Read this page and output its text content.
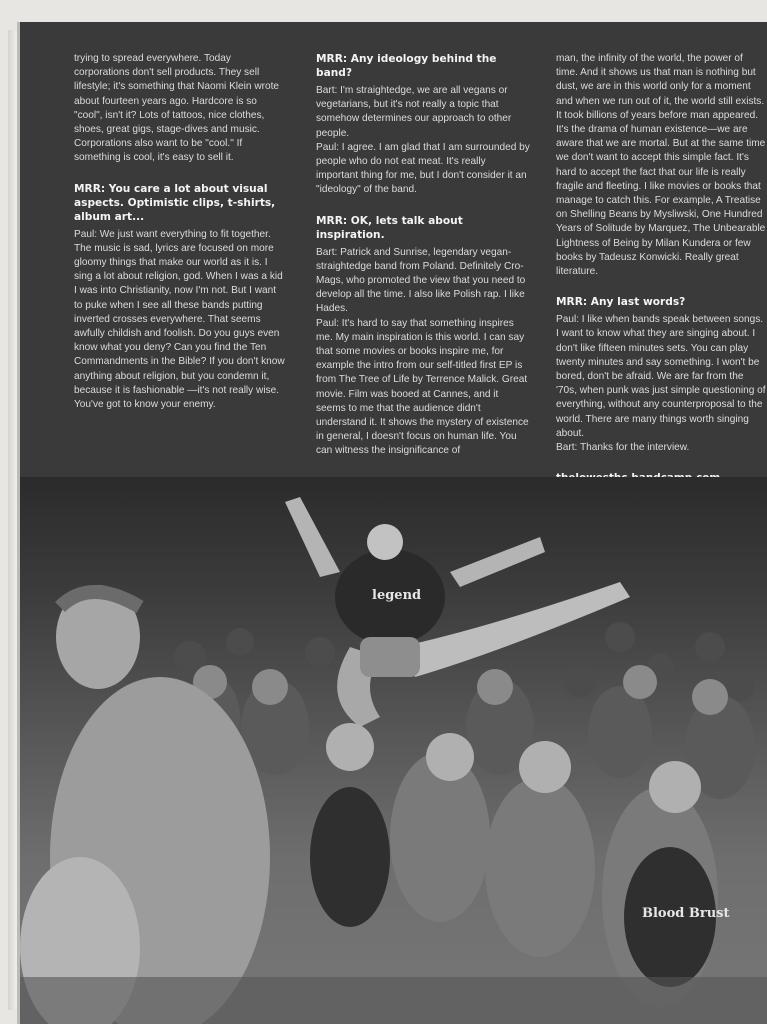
trying to spread everywhere. Today corporations don't sell products. They sell lifestyle; it's something that Naomi Klein wrote about fourteen years ago. Hardcore is so "cool", isn't it? Lots of tattoos, nice clothes, shoes, great gigs, stage-dives and music. Corporations also want to be "cool." If something is cool, it's easy to sell it.

MRR: You care a lot about visual aspects. Optimistic clips, t-shirts, album art...

Paul: We just want everything to fit together. The music is sad, lyrics are focused on more gloomy things that make our world as it is. I sing a lot about religion, god. When I was a kid I was into Christianity, now I'm not. But I want to puke when I see all these bands putting inverted crosses everywhere. That seems awfully childish and foolish. Do you guys even know what you deny? Can you find the Ten Commandments in the Bible? If you don't know anything about religion, but you condemn it, because it is fashionable —it's not really wise. You've got to know your enemy.

MRR: Any ideology behind the band?

Bart: I'm straightedge, we are all vegans or vegetarians, but it's not really a topic that somehow determines our approach to other people.

Paul: I agree. I am glad that I am surrounded by people who do not eat meat. It's really important thing for me, but I don't consider it an "ideology" of the band.

MRR: OK, lets talk about inspiration.

Bart: Patrick and Sunrise, legendary vegan-straightedge band from Poland. Definitely Cro-Mags, who promoted the view that you need to develop all the time. I also like Polish rap. I like Hades.

Paul: It's hard to say that something inspires me. My main inspiration is this world. I can say that some movies or books inspire me, for example the intro from our self-titled first EP is from The Tree of Life by Terrence Malick. Great movie. Film was booed at Cannes, and it seems to me that the audience didn't understand it. It shows the mystery of existence in general, I doesn't focus on human life. You can witness the insignificance of

man, the infinity of the world, the power of time. And it shows us that man is nothing but dust, we are in this world only for a moment and when we run out of it, the world still exists. It took billions of years before man appeared. It's the drama of human existence—we are aware that we are mortal. But at the same time we don't want to accept this simple fact. It's hard to accept the fact that our life is really fragile and fleeting. I like movies or books that manage to catch this. For example, A Treatise on Shelling Beans by Mysliwski, One Hundred Years of Solitude by Marquez, The Unbearable Lightness of Being by Milan Kundera or few books by Tadeusz Konwicki. Really great literature.

MRR: Any last words?

Paul: I like when bands speak between songs. I want to know what they are singing about. I don't like fifteen minutes sets. You can play twenty minutes and say something. I won't be bored, don't be afraid. We are far from the '70s, when punk was just simple questioning of everything, without any counterproposal to the world. There are many things worth singing about.

Bart: Thanks for the interview.

legend
Blood Brust
